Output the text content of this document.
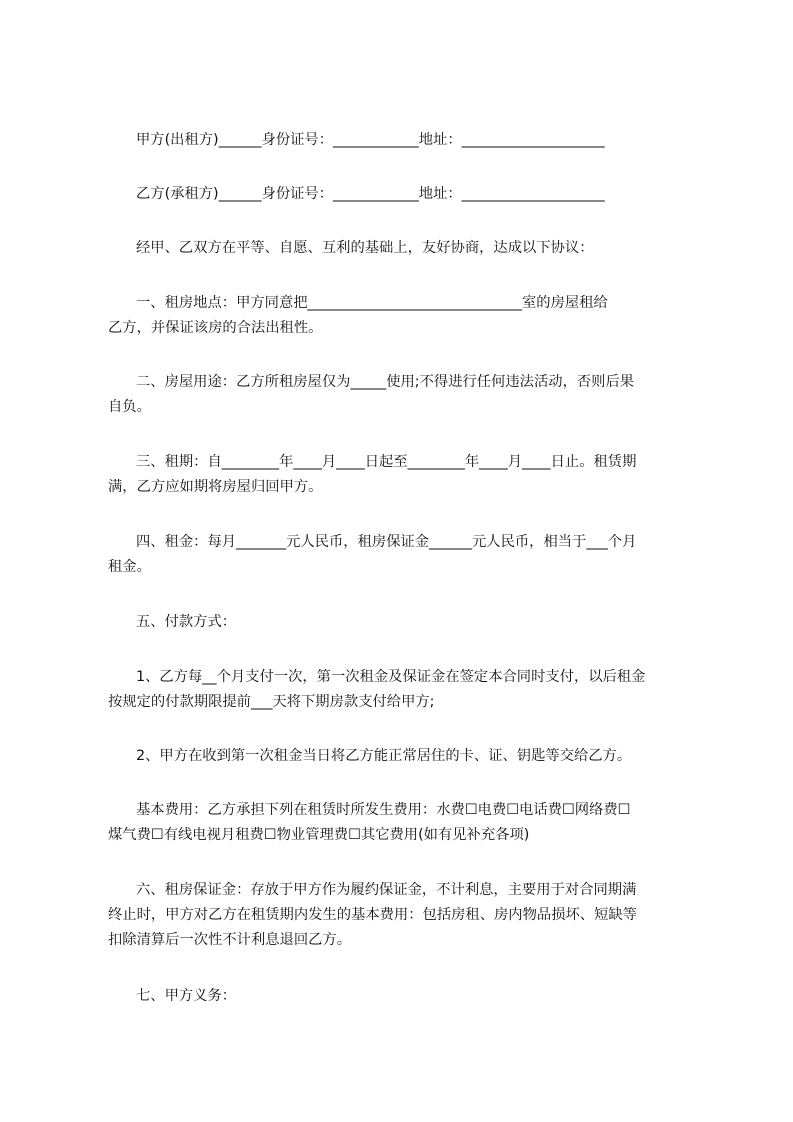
甲方(出租方)______身份证号：____________地址：____________________

乙方(承租方)______身份证号：____________地址：____________________

经甲、乙双方在平等、自愿、互利的基础上，友好协商，达成以下协议：

一、租房地点：甲方同意把______________________________室的房屋租给

乙方，并保证该房的合法出租性。

二、房屋用途：乙方所租房屋仅为_____使用;不得进行任何违法活动，否则后果

自负。

三、租期：自________年____月____日起至________年____月____日止。租赁期

满，乙方应如期将房屋归回甲方。

四、租金：每月_______元人民币，租房保证金______元人民币，相当于___个月

租金。

五、付款方式：

1、乙方每__个月支付一次，第一次租金及保证金在签定本合同时支付，以后租金

按规定的付款期限提前___天将下期房款支付给甲方;

2、甲方在收到第一次租金当日将乙方能正常居住的卡、证、钥匙等交给乙方。

基本费用：乙方承担下列在租赁时所发生费用：水费☐电费☐电话费☐网络费☐

煤气费☐有线电视月租费☐物业管理费☐其它费用(如有见补充各项)

六、租房保证金：存放于甲方作为履约保证金，不计利息，主要用于对合同期满

终止时，甲方对乙方在租赁期内发生的基本费用：包括房租、房内物品损坏、短缺等

扣除清算后一次性不计利息退回乙方。

七、甲方义务：
